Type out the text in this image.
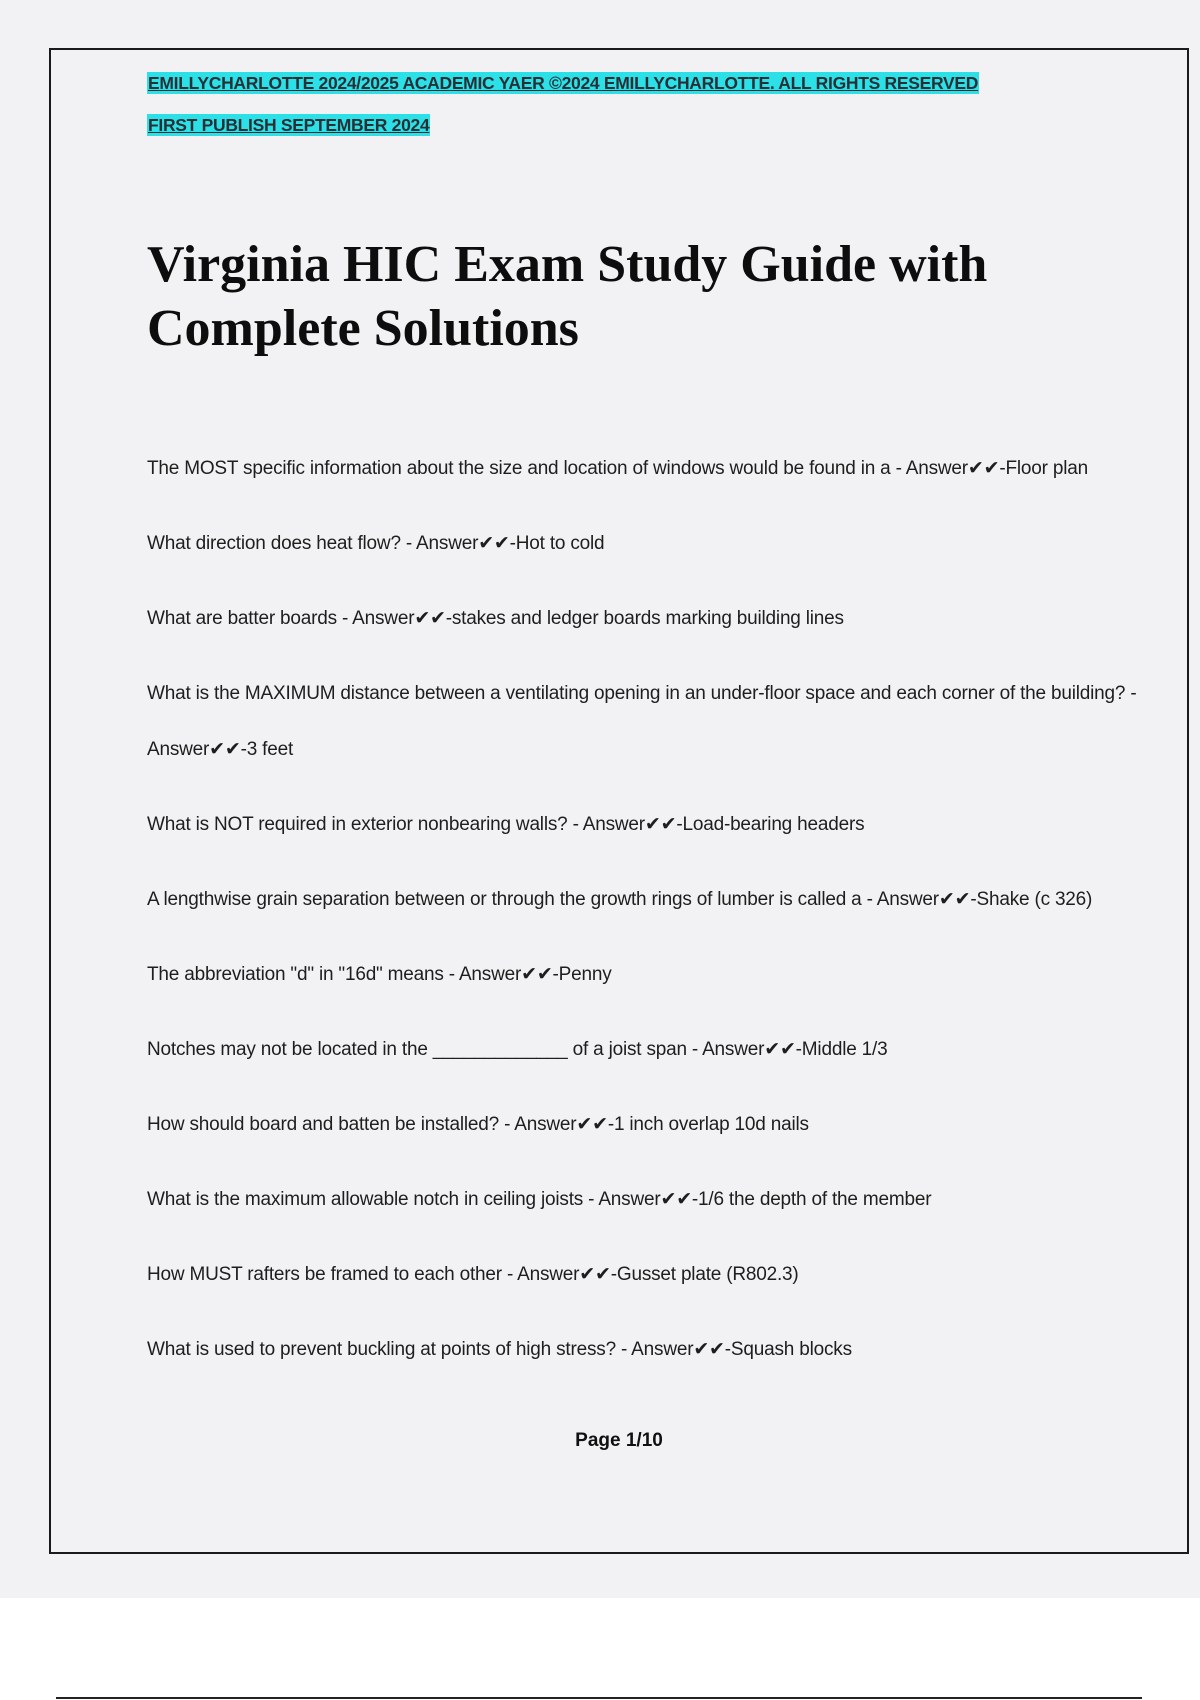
EMILLYCHARLOTTE 2024/2025 ACADEMIC YAER ©2024 EMILLYCHARLOTTE. ALL RIGHTS RESERVED
FIRST PUBLISH SEPTEMBER 2024
Virginia HIC Exam Study Guide with Complete Solutions
The MOST specific information about the size and location of windows would be found in a - Answer✔✔-Floor plan
What direction does heat flow? - Answer✔✔-Hot to cold
What are batter boards - Answer✔✔-stakes and ledger boards marking building lines
What is the MAXIMUM distance between a ventilating opening in an under-floor space and each corner of the building? - Answer✔✔-3 feet
What is NOT required in exterior nonbearing walls? - Answer✔✔-Load-bearing headers
A lengthwise grain separation between or through the growth rings of lumber is called a - Answer✔✔-Shake (c 326)
The abbreviation "d" in "16d" means - Answer✔✔-Penny
Notches may not be located in the _____________ of a joist span - Answer✔✔-Middle 1/3
How should board and batten be installed? - Answer✔✔-1 inch overlap 10d nails
What is the maximum allowable notch in ceiling joists - Answer✔✔-1/6 the depth of the member
How MUST rafters be framed to each other - Answer✔✔-Gusset plate (R802.3)
What is used to prevent buckling at points of high stress? - Answer✔✔-Squash blocks
Page 1/10
